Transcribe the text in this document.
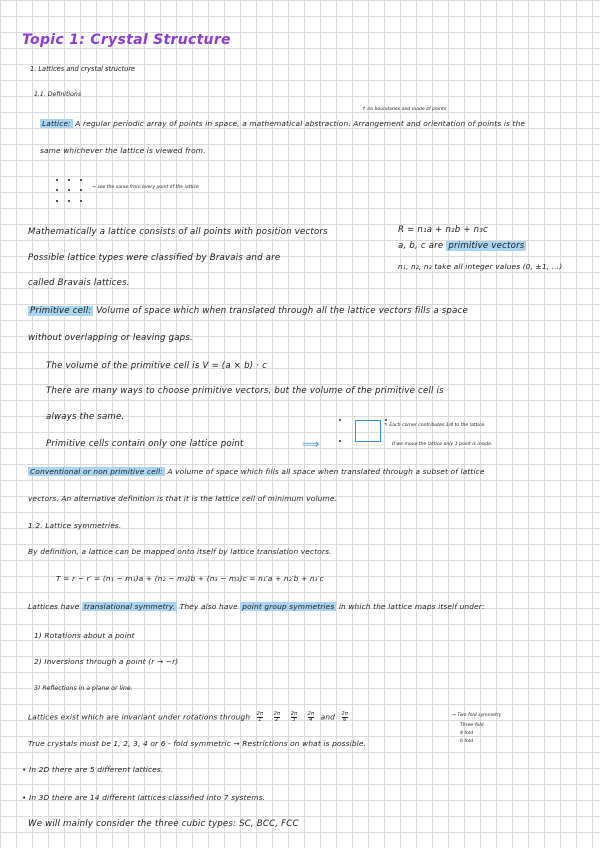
Topic 1: Crystal Structure
1. Lattices and crystal structure
1.1. Definitions
↱ no boundaries and made of points
Lattice: A regular periodic array of points in space, a mathematical abstraction. Arrangement and orientation of points is the
same whichever the lattice is viewed from.
→ see the same from every point of the lattice
Mathematically a lattice consists of all points with position vectors	R = n₁a + n₂b + n₃c
Possible lattice types were classified by Bravais and are
a, b, c are primitive vectors
n₁, n₂, n₃ take all integer values (0, ±1, ...)
called Bravais lattices.
Primitive cell: Volume of space which when translated through all the lattice vectors fills a space
without overlapping or leaving gaps.
The volume of the primitive cell is V = (a × b) · c
There are many ways to choose primitive vectors, but the volume of the primitive cell is
always the same.
↰ Each corner contributes 1/4 to the lattice.
Primitive cells contain only one lattice point	⟹	If we move the lattice only 1 point is inside.
Conventional or non primitive cell: A volume of space which fills all space when translated through a subset of lattice
vectors. An alternative definition is that it is the lattice cell of minimum volume.
1.2. Lattice symmetries.
By definition, a lattice can be mapped onto itself by lattice translation vectors.
T = r − r′ = (n₁ − m₁)a + (n₂ − m₂)b + (n₃ − m₃)c = n₁′a + n₂′b + n₃′c
Lattices have translational symmetry. They also have point group symmetries in which the lattice maps itself under:
1) Rotations about a point
2) Inversions through a point (r → −r)
3) Reflections in a plane or line.
Lattices exist which are invariant under rotations through $\frac{2\pi}{1}$
$\frac{2\pi}{2}$
$\frac{2\pi}{3}$
$\frac{2\pi}{4}$ and $\frac{2\pi}{6}$	→ Two-fold symmetry
Three-fold
4 fold
6 fold
True crystals must be 1, 2, 3, 4 or 6 - fold symmetric → Restrictions on what is possible.
• In 2D there are 5 different lattices.
• In 3D there are 14 different lattices classified into 7 systems.
We will mainly consider the three cubic types: SC, BCC, FCC
